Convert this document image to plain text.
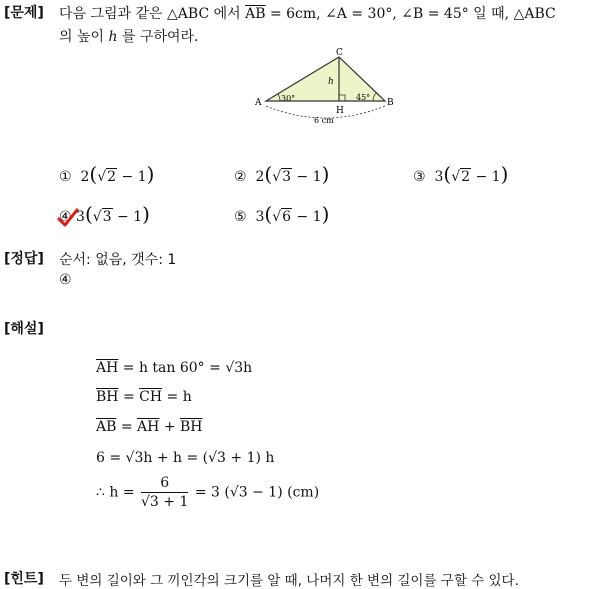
[문제] 다음 그림과 같은 △ABC 에서 $\overline{AB} = 6cm$, ∠A = 30°, ∠B = 45° 일 때, △ABC
의 높이 h 를 구하여라.
C
A	B
H
h
30°	45°
6 cm
① 2(√2 − 1)	② 2(√3 − 1)	③ 3(√2 − 1)
④ 3(√3 − 1)	⑤ 3(√6 − 1)
[정답] 순서: 없음, 갯수: 1
④
[해설]
$\overline{AH} = h$ tan 60° = √3h
$\overline{BH} = \overline{CH} = h$
$\overline{AB} = \overline{AH} + \overline{BH}$
6 = √3h + h = (√3 + 1) h
∴ $h = \frac{6}{√3 + 1} = 3$ (√3 − 1) (cm)
[힌트] 두 변의 길이와 그 끼인각의 크기를 알 때, 나머지 한 변의 길이를 구할 수 있다.
